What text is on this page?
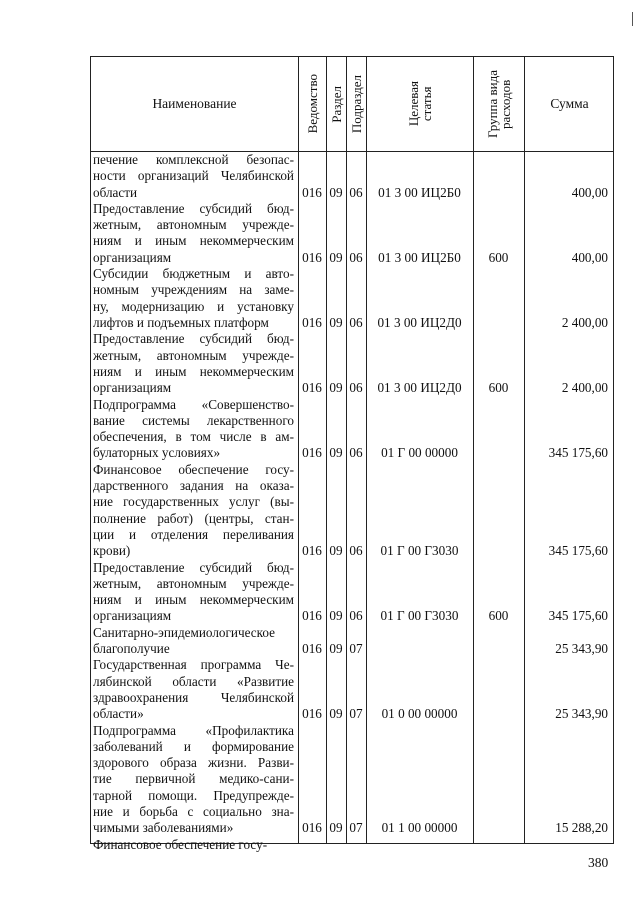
Наименование	Ведомство Раздел Подраздел	Целевая
статья	Группа вида
расходов	Сумма
печение комплексной безопас-
ности организаций Челябинской
области	016 09 06	01 3 00 ИЦ2Б0	400,00
Предоставление субсидий бюд-
жетным, автономным учрежде-
ниям и иным некоммерческим
организациям	016 09 06	01 3 00 ИЦ2Б0	600	400,00
Субсидии бюджетным и авто-
номным учреждениям на заме-
ну, модернизацию и установку
лифтов и подъемных платформ	016 09 06	01 3 00 ИЦ2Д0	2 400,00
Предоставление субсидий бюд-
жетным, автономным учрежде-
ниям и иным некоммерческим
организациям	016 09 06	01 3 00 ИЦ2Д0	600	2 400,00
Подпрограмма «Совершенство-
вание системы лекарственного
обеспечения, в том числе в ам-
булаторных условиях»	016 09 06	01 Г 00 00000	345 175,60
Финансовое обеспечение госу-
дарственного задания на оказа-
ние государственных услуг (вы-
полнение работ) (центры, стан-
ции и отделения переливания
крови)	016 09 06	01 Г 00 Г3030	345 175,60
Предоставление субсидий бюд-
жетным, автономным учрежде-
ниям и иным некоммерческим
организациям	016 09 06	01 Г 00 Г3030	600	345 175,60
Санитарно-эпидемиологическое
благополучие	016 09 07	25 343,90
Государственная программа Че-
лябинской области «Развитие
здравоохранения Челябинской
области»	016 09 07	01 0 00 00000	25 343,90
Подпрограмма «Профилактика
заболеваний и формирование
здорового образа жизни. Разви-
тие первичной медико-сани-
тарной помощи. Предупрежде-
ние и борьба с социально зна-
чимыми заболеваниями»	016 09 07	01 1 00 00000	15 288,20
Финансовое обеспечение госу-
380
